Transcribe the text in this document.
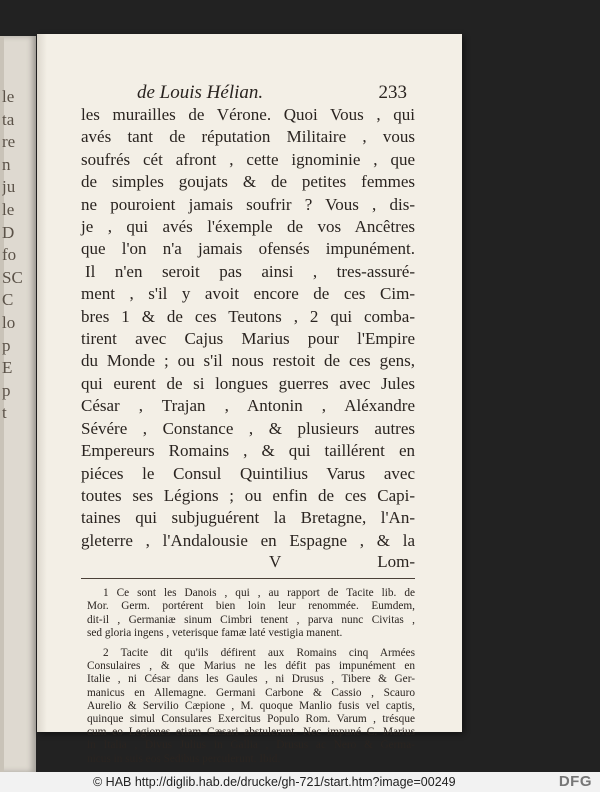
le
ta
re
n
ju
le
D
fo
SC
C
lo
p
E
p
t
de Louis Hélian.	233
les murailles de Vérone. Quoi Vous , qui
avés tant de réputation Militaire , vous
soufrés cét afront , cette ignominie , que
de simples goujats & de petites femmes
ne pouroient jamais soufrir ? Vous , dis-
je , qui avés l'éxemple de vos Ancêtres
que l'on n'a jamais ofensés impunément.
Il n'en seroit pas ainsi , tres-assuré-
ment , s'il y avoit encore de ces Cim-
bres 1 & de ces Teutons , 2 qui comba-
tirent avec Cajus Marius pour l'Empire
du Monde ; ou s'il nous restoit de ces gens,
qui eurent de si longues guerres avec Jules
César , Trajan , Antonin , Aléxandre
Sévére , Constance , & plusieurs autres
Empereurs Romains , & qui taillérent en
piéces le Consul Quintilius Varus avec
toutes ses Légions ; ou enfin de ces Capi-
taines qui subjuguérent la Bretagne, l'An-
gleterre , l'Andalousie en Espagne , & la
V	Lom-
1 Ce sont les Danois , qui , au rapport de Tacite lib. de
Mor. Germ. portérent bien loin leur renommée. Eumdem,
dit-il , Germaniæ sinum Cimbri tenent , parva nunc Civitas ,
sed gloria ingens , veterisque famæ laté vestigia manent.
2 Tacite dit qu'ils défirent aux Romains cinq Armées
Consulaires , & que Marius ne les défit pas impunément en
Italie , ni César dans les Gaules , ni Drusus , Tibere & Ger-
manicus en Allemagne. Germani Carbone & Cassio , Scauro
Aurelio & Servilio Cæpione , M. quoque Manlio fusis vel captis,
quinque simul Consulares Exercitus Populo Rom. Varum , trésque
cum eo Legiones etiam Cæsari abstulerunt. Nec impuné C. Marius
in Italia , Divus Julius in Gallia , Drusus ac Nero & Germa-
nicus in suis eos Sedibus perculerunt. Ibid.
© HAB http://diglib.hab.de/drucke/gh-721/start.htm?image=00249	DFG
